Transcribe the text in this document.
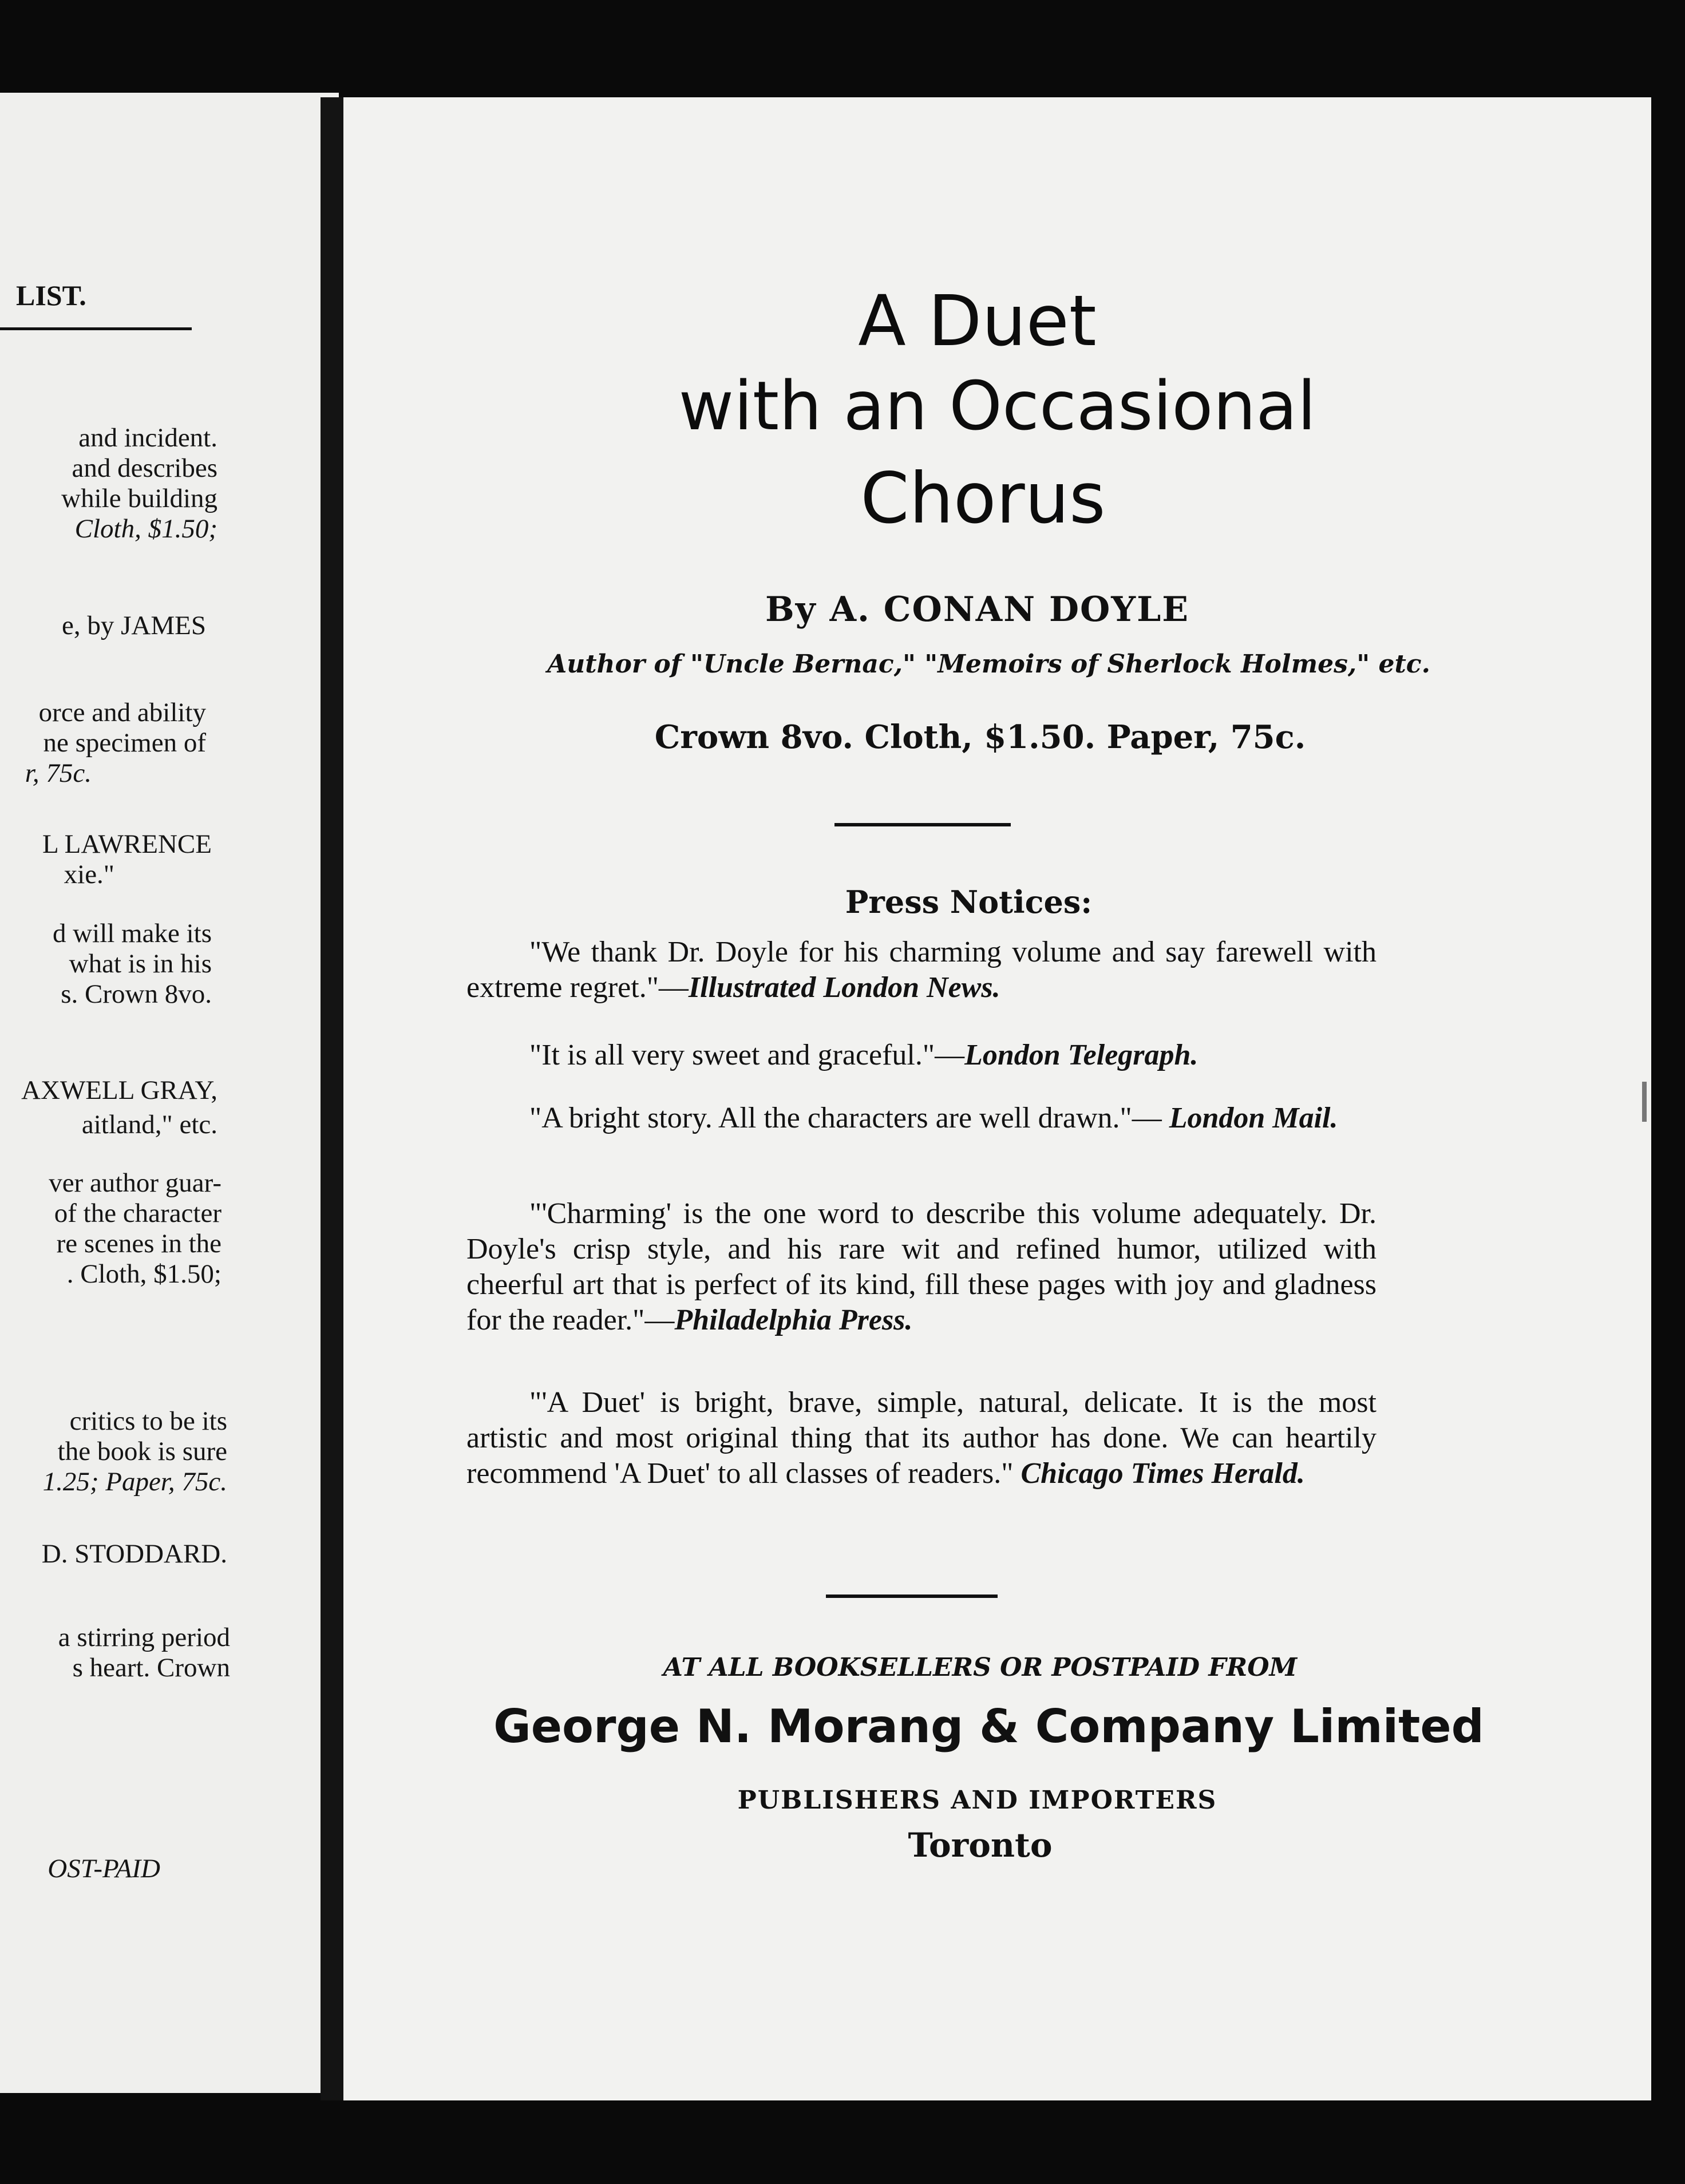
LIST.
and incident.
and describes
while building
Cloth, $1.50;
e, by JAMES
orce and ability
ne specimen of
r, 75c.
L LAWRENCE
xie."
d will make its
what is in his
s. Crown 8vo.
AXWELL GRAY,
aitland," etc.
ver author guar-
of the character
re scenes in the
. Cloth, $1.50;
critics to be its
the book is sure
1.25; Paper, 75c.
D. STODDARD.
a stirring period
s heart. Crown
OST-PAID
A Duet
with an Occasional
Chorus
By A. CONAN DOYLE
Author of "Uncle Bernac," "Memoirs of Sherlock Holmes," etc.
Crown 8vo. Cloth, $1.50. Paper, 75c.
Press Notices:

"We thank Dr. Doyle for his charming volume and say farewell with extreme regret."—Illustrated London News.

"It is all very sweet and graceful."—London Telegraph.

"A bright story. All the characters are well drawn."— London Mail.

"'Charming' is the one word to describe this volume adequately. Dr. Doyle's crisp style, and his rare wit and refined humor, utilized with cheerful art that is perfect of its kind, fill these pages with joy and gladness for the reader."—Philadelphia Press.

"'A Duet' is bright, brave, simple, natural, delicate. It is the most artistic and most original thing that its author has done. We can heartily recommend 'A Duet' to all classes of readers." Chicago Times Herald.

AT ALL BOOKSELLERS OR POSTPAID FROM
George N. Morang & Company Limited
PUBLISHERS AND IMPORTERS
Toronto
